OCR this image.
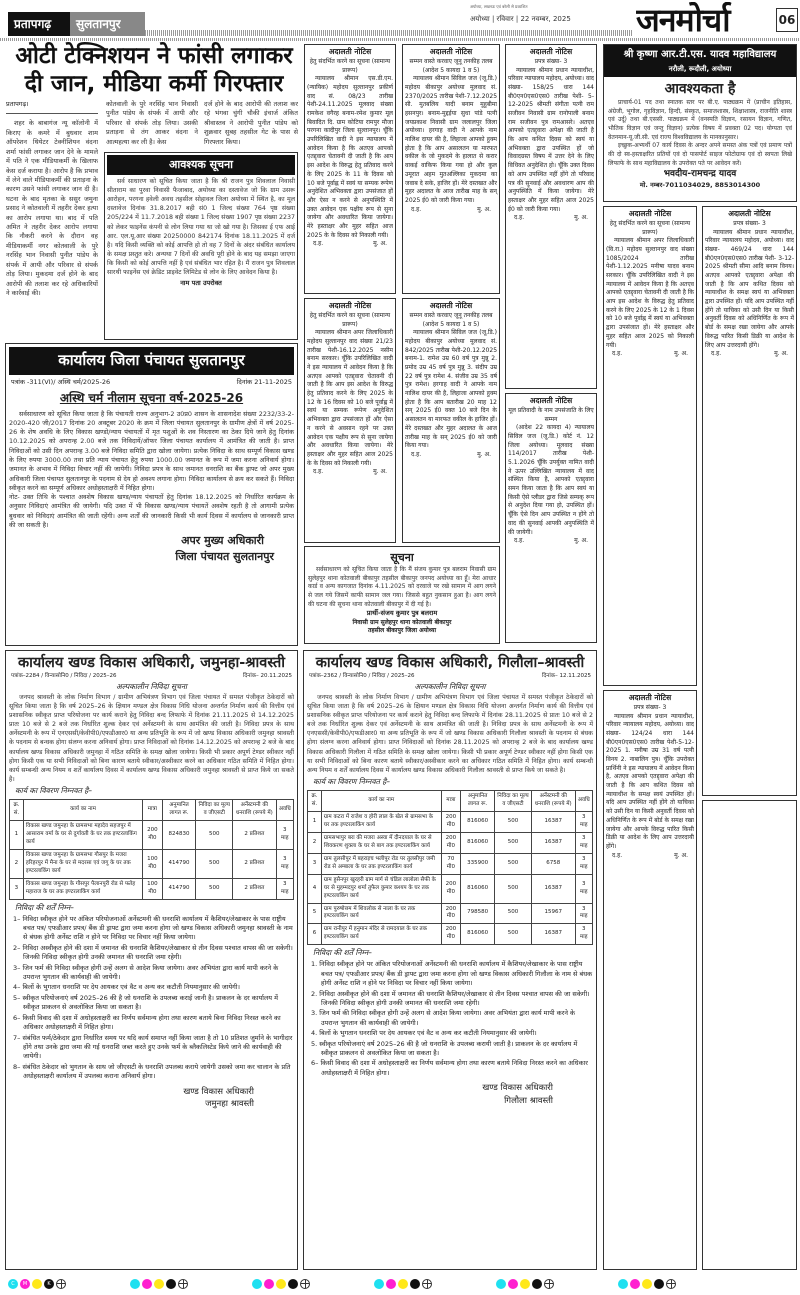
प्रतापगढ़	सुलतानपुर
अयोध्या, लखनऊ एवं बरेली से प्रकाशित
अयोध्या | रविवार | 22 नवम्बर, 2025	जनमोर्चा	06
ओटी टेक्निशयन ने फांसी लगाकर दी जान, मीडिया कर्मी गिरफ्तार
प्रतापगढ़।
शहर के बाबागंज न्यू कॉलोनी में किराए के कमरे में बुधवार शाम ऑपरेशन थियेटर टेक्नीशियन वंदना शर्मा फांसी लगाकर जान देने के मामले में पति ने एक मीडियाकर्मी के खिलाफ केस दर्ज कराया है। आरोप है कि प्रभाव में लेने वाले मीडियाकर्मी की प्रताड़ना के कारण उसने फांसी लगाकर जान दी है। घटना के बाद मृतका के ससुर जमुना प्रसाद ने कोतवाली में तहरीर देकर हत्या का आरोप लगाया था। बाद में पति अमित ने तहरीर देकर आरोप लगाया कि नौकरी करने के दौरान वह मीडियाकर्मी नगर कोतवाली के पुरे नरसिंह भान निवासी पुनीत पांडेय के संपर्क में आयी और परिवार से संपर्क तोड़ लिया। मुकदमा दर्ज होने के बाद आरोपी की तलाश कर रहे अधिकारियों ने कार्रवाई की।
कोतवाली के पुरे नरसिंह भान निवासी पुनीत पांडेय के संपर्क में आयी और परिवार से संपर्क तोड़ लिया। उसकी प्रताड़ना से तंग आकर वंदना ने आत्महत्या कर ली है। केस
दर्ज होने के बाद आरोपी की तलाश कर रहे भंगवा चुंगी चौकी इंचार्ज अंकित श्रीवास्तव ने आरोपी पुनीत पांडेय को शुक्रवार सुबह तहसील गेट के पास से गिरफ्तार किया।
आवश्यक सूचना
सर्व साधारण को सूचित किया जाता है कि श्री राजन पुत्र शिवलाल निवासी सीताराम का पुरवा निवासी फैजाबाद, अयोध्या का दस्तावेज जो कि ग्राम उसरू आरोहन, परगना हवेली अवध तहसील सोहावल जिला अयोध्या में स्थित है, का मूल दस्तावेज दिनांक 31.8.2017 बही सं0 1 जिल्द संख्या 764 पृष्ठ संख्या 205/224 में 11.7.2018 बही संख्या 1 जिल्द संख्या 1907 पृष्ठ संख्या 2237 को लेकर फाइनेंस कंपनी से लोन लिया गया था जो खो गया है। जिसका ई एफ आई आर. एल.यू.आर संख्या 20250000 842174 दिनांक 18.11.2025 में दर्ज है। यदि किसी व्यक्ति को कोई आपत्ति हो तो वह 7 दिनों के अंदर संबंधित कार्यालय के समक्ष प्रस्तुत करे। अन्यथा 7 दिनों की अवधि पूरी होने के बाद यह समझा जाएगा कि किसी को कोई आपत्ति नहीं है एवं संबंधित भार रहित है। मैं राजन पुत्र शिवलाल सारथी फाइनेंस एवं क्रेडिट प्राइवेट लिमिटेड से लोन के लिए आवेदन किया है।
नाम पता उपरोक्त
कार्यालय जिला पंचायत सुलतानपुर
पत्रांक -311(VI)/ अस्थि चर्म/2025-26	दिनांक 21-11-2025
अस्थि चर्म नीलाम सूचना वर्ष-2025-26
सर्वसाधारण को सूचित किया जाता है कि पंचायती राज्य अनुभाग-2 उ0प्र0 शासन के शासनादेश संख्या 2232/33-2-2020-420 जी/2017 दिनांक 20 अक्टूबर 2020 के क्रम में जिला पंचायत सुलतानपुर के ग्रामीण क्षेत्रों में वर्ष 2025-26 के शेष अवधि के लिए विकास खण्डो/न्याय पंचायतों में मृत पशुओं के शव निस्तारण का ठेका दिये जाने हेतु दिनांक 10.12.2025 को अपरान्ह 2.00 बजे तक निविदायें/ऑफर जिला पंचायत कार्यालय में आमंत्रित की जाती है। प्राप्त निविदाओं को उसी दिन अपरान्ह 3.00 बजे निविदा समिति द्वारा खोला जायेगा। प्रत्येक निविदा के साथ सम्पूर्ण विकास खण्ड के लिए रुपया 3000.00 तथा प्रति न्याय पंचायत हेतु रुपया 1000.00 जमानत के रूप में जमा करना अनिवार्य होगा। जमानत के अभाव में निविदा विचार नहीं की जायेगी। निविदा प्रपत्र के साथ जमानत धनराशि का बैंक ड्राफ्ट जो अपर मुख्य अधिकारी जिला पंचायत सुलतानपुर के पदनाम से देय हो अवश्य लगाना होगा। निविदा कार्यालय से क्रय कर सकते हैं। निविदा स्वीकृत करने का सम्पूर्ण अधिकार अधोहस्ताक्षरी में निहित होगा।
नोट- उक्त तिथि के पश्चात अवशेष विकास खण्ड/न्याय पंचायतों हेतु दिनांक 18.12.2025 को निर्धारित कार्यक्रम के अनुसार निविदाएं आमंत्रित की जायेगी। यदि उक्त में भी विकास खण्ड/न्याय पंचायतें अवशेष रहती है तो आगामी प्रत्येक बुधवार को निविदाएं आमंत्रित की जाती रहेंगी। अन्य शर्तों की जानकारी किसी भी कार्य दिवस में कार्यालय से जानकारी प्राप्त की जा सकती है।
अपर मुख्य अधिकारी
जिला पंचायत सुलतानपुर
अदालती नोटिस
हेतु संदर्भित करने का सूचना (सामान्य प्रारूप)

न्यायालय श्रीमान एस.डी.एम. (न्यायिक) महोदय सुल्तानपुर प्रकीर्ण वाद सं. 08/23 तारीख पेशी-24.11.2025 मूलवाद संख्या रामकेश वगैरह बनाम-रमेश कुमार मूल बिवादित दि. ग्राम कोटिया रामपुर मौजा परगना कादीपुर जिला सुल्तानपुर। चूँकि उपरिलिखित वादी ने इस न्यायालय में आवेदन किया है कि अतएव आपको एतद्द्वारा चेतावनी दी जाती है कि आप इस आदेश के विरुद्ध हेतु प्रतिवाद करने के लिए 2025 के 11 के दिवस को 10 बजे पूर्वाह्न में स्वयं या सम्यक रूपेण अनुदेशित अभिवक्ता द्वारा उपसंजात हों और ऐसा न करने से अनुपस्थिति में उक्त आवेदन एक पक्षीय रूप से सुना जायेगा और अवधारित किया जायेगा। मेरे हस्ताक्षर और मुहर सहित आज 2025 के के दिवस को निकाली गयी।

द.ह.	मु. अ.
अदालती नोटिस
सम्मन वास्ते करवाए जूनू तनकीह तलब (आदेश 5 कायदा 1 व 5)

न्यायालय श्रीमान सिविल जज (जू.डि.) महोदय बीकापुर अयोध्या मूलवाद सं. 2370/2025 तारीख पेशी-7.12.2025 सी. मुतबलिय यादी बनाम मुहुबीमा हसनपुर। बनाम-मुद्दईया सुधा पांडे पत्नी जयप्रकाश निवासी ग्राम जलालपुर जिला अयोध्या। हरगाह वादी ने आपके नाम नालिश दायर की है, लिहाजा आपको हुक्म होता है कि आप असालतन या मारफत वकील के जो मुकदमे के हालात से करार वाकई वाकिफ किया गया हो और कुल उमूरात अहम मुतअल्लिका मुकदमा का जवाब दे सके, हाजिर हों। मेरे दस्तखत और मुहर अदालत के आज तारीख माह के सन् 2025 ई0 को जारी किया गया।

द.ह.	मु. अ.
अदालती नोटिस
प्रपत्र संख्या- 3

न्यायालय श्रीमान प्रधान न्यायाधीश, परिवार न्यायालय महोदय, अयोध्या। वाद संख्या- 158/25 धारा 144 बी0एन0एस0एस0 तारीख पेशी- 5-12-2025 श्रीमती संगीता पत्नी राम सजीवन निवासी ग्राम रानोपाली बनाम राम सजीवन पुत्र रामआसरे। अतएव आपको एतद्द्वारा अपेक्षा की जाती है कि आप कथित दिवस को स्वयं या अभिवक्ता द्वारा उपस्थित हों जो विवादग्रस्त विषय में उत्तर देने के लिए विधिवत अनुदेशित हो। चूँकि उक्त दिवस को आप उपस्थित नहीं होंगे तो परिवाद पत्र की सुनवाई और अवधारण आप की अनुपस्थिति में किया जायेगा। मेरे हस्ताक्षर और मुहर सहित आज 2025 ई0 को जारी किया गया।

द.ह.	मु. अ.
अदालती नोटिस
हेतु संदर्भित करने का सूचना (सामान्य प्रारूप)

न्यायालय श्रीमान अपर जिलाधिकारी महोदय सुल्तानपुर वाद संख्या 21/23 तारीख पेशी-16.12.2025 नसीम बनाम सरकार। चूँकि उपरिलिखित वादी ने इस न्यायालय में आवेदन किया है कि अतएव आपको एतद्द्वारा चेतावनी दी जाती है कि आप इस आदेश के विरुद्ध हेतु प्रतिवाद करने के लिए 2025 के 12 के 16 दिवस को 10 बजे पूर्वाह्न में स्वयं या सम्यक रूपेण अनुदेशित अभिवक्ता द्वारा उपसंजात हों और ऐसा न करने से अवसान रहने पर उक्त आवेदन एक पक्षीय रूप से सुना जायेगा और अवधारित किया जायेगा। मेरे हस्ताक्षर और मुहर सहित आज 2025 के के दिवस को निकाली गयी।

द.ह.	मु. अ.
अदालती नोटिस
सम्मन वास्ते करवाए जूनू तनकीह तलब (आदेश 5 कायदा 1 व 5)

न्यायालय श्रीमान सिविल जज (जू.डि.) महोदय बीकापुर अयोध्या मूलवाद सं. 842/2025 तारीख पेशी-20.12.2025 बनाम-1. रामेश उम्र 60 वर्ष पुत्र मुन्नू 2. प्रमोद उम्र 45 वर्ष पुत्र मुन्नू 3. संदीप उम्र 22 वर्ष पुत्र रामेश 4. संजीव उम्र 35 वर्ष पुत्र रामेश। हरगाह वादी ने आपके नाम नालिश दायर की है, लिहाजा आपको हुक्म होता है कि आप बतारीख 20 माह 12 सन् 2025 ई0 वक्त 10 बजे दिन के असालतन या मारफत वकील के हाजिर हों। मेरे दस्तखत और मुहर अदालत के आज तारीख माह के सन् 2025 ई0 को जारी किया गया।

द.ह.	मु. अ.
अदालती नोटिस
मूल प्रतिवादी के नाम उपसंजाति के लिए सम्मन

(आदेश 22 कायदा 4) न्यायालय सिविल जज (जू.डि.) कोर्ट नं. 12 जिला अयोध्या। मूलवाद संख्या 114/2017 तारीख पेशी- 5.1.2026 चूँकि उपर्युक्त नामित वादी ने ऊपर उल्लिखित न्यायालय में वाद संस्थित किया है, आपको एतद्द्वारा समन किया जाता है कि आप स्वयं या किसी ऐसे प्लीडर द्वारा जिसे सम्यक् रूप से अनुदेश दिया गया हो, उपस्थित हों। चूँकि ऐसे दिन आप उपस्थित न होंगे तो वाद की सुनवाई आपकी अनुपस्थिति में की जायेगी।

द.ह.	मु. अ.
सूचना
सर्वसाधारण को सूचित किया जाता है कि मैं संजय कुमार पुत्र बलराम निवासी ग्राम सुलेहपुर थाना कोतवाली बीकापुर तहसील बीकापुर जनपद अयोध्या का हूँ। मेरा आधार कार्ड व अन्य कागजात दिनांक 4.11.2025 को दरवाजे पर रखे सामान में आग लगने से जल गये जिसमें काफी सामान जल गया। जिससे बहुत नुकसान हुआ है। आग लगने की घटना की सूचना थाना कोतवाली बीकापुर में दी गई है।
प्रार्थी-संजय कुमार पुत्र बलराम
निवासी ग्राम सुलेहपुर थाना कोतवाली बीकापुर
तहसील बीकापुर जिला अयोध्या
श्री कृष्णा आर.टी.एस. यादव महाविद्यालय
नरौली, रूदौली, अयोध्या
आवश्यकता है
प्राचार्य-01 पद तथा स्नातक स्तर पर बी.ए. पाठ्यक्रम में (प्राचीन इतिहास, अंग्रेजी, भूगोल, गृहविज्ञान, हिन्दी, संस्कृत, समाजशास्त्र, शिक्षाशास्त्र, राजनीति शास्त्र एवं उर्दू) तथा बी.एससी. पाठ्यक्रम में (वनस्पति विज्ञान, रसायन विज्ञान, गणित, भौतिक विज्ञान एवं जन्तु विज्ञान) प्रत्येक विषय में प्रवक्ता 02 पद। योग्यता एवं वेतनमान-यू.जी.सी. एवं राज्य विश्वविद्यालय के मानकानुसार।
इच्छुक-अभ्यर्थी 07 कार्य दिवस के अन्दर अपने समस्त अंक पत्रों एवं प्रमाण पत्रों की दो स्व-हस्ताक्षरित प्रतियों एवं दो पासपोर्ट साइज फोटोग्राफ एवं दो स्वपता लिखे लिफाफे के साथ महाविद्यालय के उपरोक्त पते पर आवेदन करें।
भवदीय-रामचन्द्र यादव
मो. नम्बर-7011034029, 8853014300
अदालती नोटिस
हेतु संदर्भित करने का सूचना (सामान्य प्रारूप)

न्यायालय श्रीमान अपर जिलाधिकारी (वि.रा.) महोदय सुल्तानपुर वाद संख्या 1085/2024 तारीख पेशी-1.12.2025 मनीषा यादव बनाम सरकार। चूँकि उपरिलिखित वादी ने इस न्यायालय में आवेदन किया है कि अतएव आपको एतद्द्वारा चेतावनी दी जाती है कि आप इस आदेश के विरुद्ध हेतु प्रतिवाद करने के लिए 2025 के 12 के 1 दिवस को 10 बजे पूर्वाह्न में स्वयं या अभिवक्ता द्वारा उपसंजात हों। मेरे हस्ताक्षर और मुहर सहित आज 2025 को निकाली गयी।

द.ह.	मु. अ.
अदालती नोटिस
प्रपत्र संख्या- 3

न्यायालय श्रीमान प्रधान न्यायाधीश, परिवार न्यायालय महोदय, अयोध्या। वाद संख्या- 469/24 धारा 144 बी0एन0एस0एस0 तारीख पेशी- 3-12-2025 श्रीमती सीमा आदि बनाम विनय। अतएव आपको एतद्द्वारा अपेक्षा की जाती है कि आप कथित दिवस को न्यायाधीश के समक्ष स्वयं या अभिवक्ता द्वारा उपस्थित हों। यदि आप उपस्थित नहीं होंगे तो याचिका को उसी दिन या किसी अनुवर्ती दिवस को अधिनिर्णित के रूप में बोर्ड के समक्ष रखा जायेगा और आपके विरुद्ध पारित किसी डिक्री या आदेश के लिए आप उत्तरदायी होंगे।

द.ह.	मु. अ.
अदालती नोटिस
प्रपत्र संख्या- 3

न्यायालय श्रीमान प्रधान न्यायाधीश, परिवार न्यायालय महोदय, अयोध्या। वाद संख्या- 124/24 धारा 144 बी0एन0एस0एस0 तारीख पेशी-5-12-2025 1. मनीषा उम्र 31 वर्ष पत्नी विनय 2. नाबालिग पुत्र। चूँकि उपरोक्त प्रार्थिनी ने इस न्यायालय में आवेदन किया है, अतएव आपको एतद्द्वारा अपेक्षा की जाती है कि आप कथित दिवस को न्यायाधीश के समक्ष स्वयं उपस्थित हों। यदि आप उपस्थित नहीं होंगे तो याचिका को उसी दिन या किसी अनुवर्ती दिवस को अधिनिर्णित के रूप में बोर्ड के समक्ष रखा जायेगा और आपके विरुद्ध पारित किसी डिक्री या आदेश के लिए आप उत्तरदायी होंगे।

द.ह.	मु. अ.
कार्यालय खण्ड विकास अधिकारी, जमुनहा-श्रावस्ती
पत्रांक–2284 / विन्यासोनि0 / निविदा / 2025–26	दिनांक– 20.11.2025
अल्पकालीन निविदा सूचना
जनपद श्रावस्ती के लोक निर्माण विभाग / ग्रामीण अभियंत्रण विभाग एवं जिला पंचायत में समस्त पंजीकृत ठेकेदारों को सूचित किया जाता है कि वर्ष 2025–26 के क्षियान मण्डल क्षेत्र विकास निधि योजना अन्तर्गत निर्माण कार्य की वित्तीय एवं प्रशासनिक स्वीकृत प्राप्त परियोजना पर कार्य कराने हेतु निविदा बन्द लिफाफे में दिनांक 21.11.2025 से 14.12.2025 प्रातः 10 बजे से 2 बजे तक निर्धारित शुल्क देकर एवं अर्नेस्टमनी के साथ आमंत्रित की जाती है। निविदा प्रपत्र के साथ अर्नेस्टमनी के रूप में एनएससी/केवीपी0/एफडीआर0 या अन्य प्रतिभूति के रूप में जो खण्ड विकास अधिकारी जमुनहा श्रावस्ती के पदनाम से बन्धक होगा संलग्न करना अनिवार्य होगा। प्राप्त निविदाओं को दिनांक 14.12.2025 को अपरान्ह 2 बजे के बाद कार्यालय खण्ड विकास अधिकारी जमुनहा में गठित समिति के समक्ष खोला जायेगा। किसी भी प्रकार अपूर्ण टेण्डर स्वीकार नहीं होगा किसी एक या सभी निविदाओं को बिना कारण बताये स्वीकार/अस्वीकार करने का अधिकार गठित समिति में निहित होगा। कार्य सम्बन्धी अन्य नियम व शर्तें कार्यालय दिवस में कार्यालय खण्ड विकास अधिकारी जमुनहा श्रावस्ती से प्राप्त किये जा सकते है।
कार्य का विवरण निम्नवत है–
क्र. सं.	कार्य का नाम	मात्रा	अनुमानित लागत रू.	निविदा का मूल्य व जीएसटी	अर्नेस्टमनी की धनराशि (रूपये में)	अवधि
1	विकास खण्ड जमुनहा के ग्रामसभा महादेव सहजपुर में आसाराम वर्मा के घर से दुर्गावती के घर तक इण्टरलाकिंग कार्य	200 मी0	824830	500	2 प्रतिशत	3 माह
2	विकास खण्ड जमुनहा के ग्रामसभा गौसपुर के मजरा हरिहरपुर में मैना के घर से मदरसा एवं जगू के घर तक इण्टरलाकिंग कार्य	100 मी0	414790	500	2 प्रतिशत	3 माह
3	विकास खण्ड जमुनहा के गौसपुर पैलानपुरी रोड से फतेह महाराज के घर तक इण्टरलाकिंग कार्य	100 मी0	414790	500	2 प्रतिशत	3 माह
निविदा की शर्तें निम्न–
1– निविदा स्वीकृत होने पर अंकित परियोजनाओं अर्नेस्टमनी की धनराशि कार्यालय में कैशियर/लेखाकार के पास राष्ट्रीय बचत पत्र/ एफडीआर प्रपत्र/ बैंक डी ड्राफ्ट द्वारा जमा करना होगा जो खण्ड विकास अधिकारी जमुनहा श्रावस्ती के नाम से बंधक होगी अर्नेस्ट राशि न होने पर निविदा पर विचार नहीं किया जायेगा।
2– निविदा अस्वीकृत होने की दशा में जमानत की धनराशि कैशियर/लेखाकार से तीन दिवस पश्चात वापस की जा सकेगी। जिनकी निविदा स्वीकृत होगी उनकी जमानत की धनराशि जमा रहेगी।
3– जिन फर्म की निविदा स्वीकृत होगी उन्हें अलग से आदेश किया जायेगा। अवर अभियंता द्वारा कार्य मापी करने के उपरान्त भुगतान की कार्यवाही की जायेगी।
4– बिलों के भुगतान धनराशि पर देय आयकर एवं वैट व अन्य कर कटौती नियमानुसार की जायेगी।
5– स्वीकृत परियोजनाएं वर्ष 2025–26 की है जो धनराशि के उपलब्ध कराई जानी है। प्राकलन के दर कार्यालय में स्वीकृत प्राकलन से अवलोकित किया जा सकता है।
6– किसी विवाद की दशा में अधोहस्ताक्षरी का निर्णय सर्वमान्य होगा तथा कारण बताये बिना निविदा निरस्त करने का अधिकार अधोहस्ताक्षरी में निहित होगा।
7– संबंधित फर्म/ठेकेदार द्वारा निर्धारित समय पर यदि कार्य समाप्त नहीं किया जाता है तो 10 प्रतिशत जुर्माने के भागीदार होंगे तथा उनके द्वारा जमा की गई धनराशि जब्त करते हुए उनके फर्म के ब्लैकलिस्टेड किये जाने की कार्यवाही की जायेगी।
8– संबंधित ठेकेदार को भुगतान के साथ जो जीएसटी के धनराशि उपलब्ध कराये जायेगी उसको जमा कर चालान के प्रति अधोहस्ताक्षरी कार्यालय में उपलब्ध कराना अनिवार्य होगा।
खण्ड विकास अधिकारी
जमुनहा श्रावस्ती
कार्यालय खण्ड विकास अधिकारी, गिलौला–श्रावस्ती
पत्रांक–2362 / विन्यासोनि0 / निविदा / 2025–26	दिनांक– 12.11.2025
अल्पकालीन निविदा सूचना
जनपद श्रावस्ती के लोक निर्माण विभाग / ग्रामीण अभियंत्रण विभाग एवं जिला पंचायत में समस्त पंजीकृत ठेकेदारों को सूचित किया जाता है कि वर्ष 2025–26 के क्षियान मण्डल क्षेत्र विकास निधि योजना अन्तर्गत निर्माण कार्य की वित्तीय एवं प्रशासनिक स्वीकृत प्राप्त परियोजना पर कार्य कराने हेतु निविदा बन्द लिफाफे में दिनांक 28.11.2025 से प्रातः 10 बजे से 2 बजे तक निर्धारित शुल्क देकर एवं अर्नेस्टमनी के साथ आमंत्रित की जाती है। निविदा प्रपत्र के साथ अर्नेस्टमनी के रूप में एनएससी/केवीपी0/एफडीआर0 या अन्य प्रतिभूति के रूप में जो खण्ड विकास अधिकारी गिलौला श्रावस्ती के पदनाम से बंधक होगा संलग्न करना अनिवार्य होगा। प्राप्त निविदाओं को दिनांक 28.11.2025 को अपरान्ह 2 बजे के बाद कार्यालय खण्ड विकास अधिकारी गिलौला में गठित समिति के समक्ष खोला जायेगा। किसी भी प्रकार अपूर्ण टेण्डर स्वीकार नहीं होगा किसी एक या सभी निविदाओं को बिना कारण बताये स्वीकार/अस्वीकार करने का अधिकार गठित समिति में निहित होगा। कार्य सम्बन्धी अन्य नियम व शर्तें कार्यालय दिवस में कार्यालय खण्ड विकास अधिकारी गिलौला श्रावस्ती से प्राप्त किये जा सकते है।
कार्य का विवरण निम्नवत है–
क्र. सं.	कार्य का नाम	मात्रा	अनुमानित लागत रू.	निविदा का मूल्य व जीएसटी	अर्नेस्टमनी की धनराशि (रूपये में)	अवधि
1	ग्राम कटरा में राजेश व होरी लाल के खेत से ग्रामसभा के घर तक इण्टरलाकिंग कार्य	200 मी0	816060	500	16387	3 माह
2	ग्रामसभापुर बरा की मजरा अस्वा में दीनदयाल के घर से शिवकरण शुक्ला के घर से बाग तक इण्टरलाकिंग कार्य	200 मी0	816060	500	16387	3 माह
3	ग्राम तुलसीपुर में बहराइच भलीपुर रोड पर तुलसीपुर जमी रोड से अम्बाला के घर तक इण्टरलाकिंग कार्य	70 मी0	335900	500	6758	3 माह
4	ग्राम हुसैनपुर खुरहरी ग्राम मार्ग से चंडिल लालोला सैफी के घर से मुहम्मदपुर शर्मा तुफैल कुमार कश्यप के घर तक इण्टरलाकिंग कार्य	200 मी0	816060	500	16387	3 माह
5	ग्राम पुरुषोत्तम में शिवलोक से नाला के घर तक इण्टरलाकिंग कार्य	200 मी0	798580	500	15967	3 माह
6	ग्राम रानीपुर में हनुमान मंदिर से रामदयाल के घर तक इण्टरलाकिंग कार्य	200 मी0	816060	500	16387	3 माह
निविदा की शर्तें निम्न–
1. निविदा स्वीकृत होने पर अंकित परियोजनाओं अर्नेस्टमनी की धनराशि कार्यालय में कैशियर/लेखाकार के पास राष्ट्रीय बचत पत्र/ एफडीआर प्रपत्र/ बैंक डी ड्राफ्ट द्वारा जमा करना होगा जो खण्ड विकास अधिकारी गिलौला के नाम से बंधक होगी अर्नेस्ट राशि न होने पर निविदा पर विचार नहीं किया जायेगा।
2. निविदा अस्वीकृत होने की दशा में जमानत की धनराशि कैशियर/लेखाकार से तीन दिवस पश्चात वापस की जा सकेगी। जिनकी निविदा स्वीकृत होगी उनकी जमानत की धनराशि जमा रहेगी।
3. जिन फर्म की निविदा स्वीकृत होगी उन्हें अलग से आदेश किया जायेगा। अवर अभियंता द्वारा कार्य मापी करने के उपरान्त भुगतान की कार्यवाही की जायेगी।
4. बिलों के भुगतान धनराशि पर देय आयकर एवं वैट व अन्य कर कटौती नियमानुसार की जायेगी।
5. स्वीकृत परियोजनाएं वर्ष 2025–26 की है जो धनराशि के उपलब्ध करायी जाती है। प्राकलन के दर कार्यालय में स्वीकृत प्राकलन से अवलोकित किया जा सकता है।
6– किसी विवाद की दशा में अधोहस्ताक्षरी का निर्णय सर्वमान्य होगा तथा कारण बताये निविदा निरस्त करने का अधिकार अधोहस्ताक्षरी में निहित होगा।
खण्ड विकास अधिकारी
गिलौला श्रावस्ती
C	M	K
